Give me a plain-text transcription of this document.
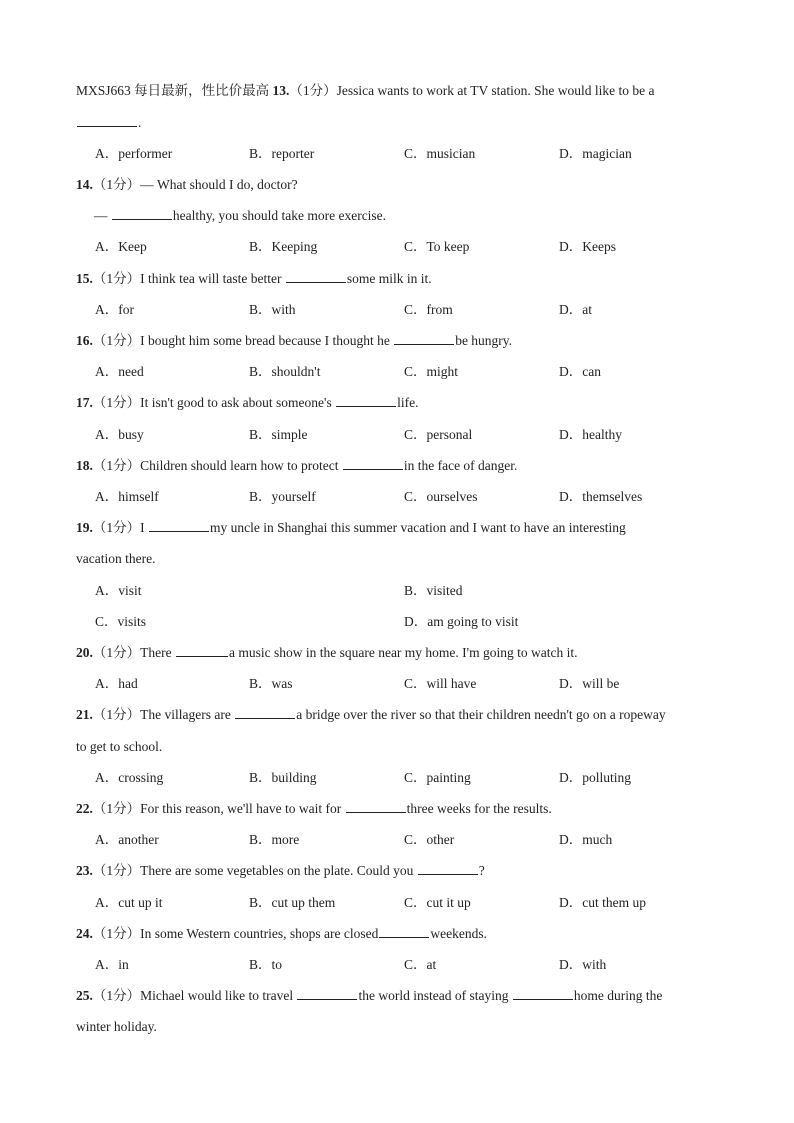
MXSJ663 每日最新，性比价最高 13.（1分）Jessica wants to work at TV station. She would like to be a
.
A．performer	B．reporter	C．musician	D．magician
14.（1分）— What should I do, doctor?
—	healthy, you should take more exercise.
A．Keep	B．Keeping	C．To keep	D．Keeps
15.（1分）I think tea will taste better	some milk in it.
A．for	B．with	C．from	D．at
16.（1分）I bought him some bread because I thought he	be hungry.
A．need	B．shouldn't	C．might	D．can
17.（1分）It isn't good to ask about someone's	life.
A．busy	B．simple	C．personal	D．healthy
18.（1分）Children should learn how to protect	in the face of danger.
A．himself	B．yourself	C．ourselves	D．themselves
19.（1分）I	my uncle in Shanghai this summer vacation and I want to have an interesting
vacation there.
A．visit	B．visited
C．visits	D．am going to visit
20.（1分）There	a music show in the square near my home. I'm going to watch it.
A．had	B．was	C．will have	D．will be
21.（1分）The villagers are	a bridge over the river so that their children needn't go on a ropeway
to get to school.
A．crossing	B．building	C．painting	D．polluting
22.（1分）For this reason, we'll have to wait for	three weeks for the results.
A．another	B．more	C．other	D．much
23.（1分）There are some vegetables on the plate. Could you	?
A．cut up it	B．cut up them	C．cut it up	D．cut them up
24.（1分）In some Western countries, shops are closed	weekends.
A．in	B．to	C．at	D．with
25.（1分）Michael would like to travel	the world instead of staying	home during the
winter holiday.
